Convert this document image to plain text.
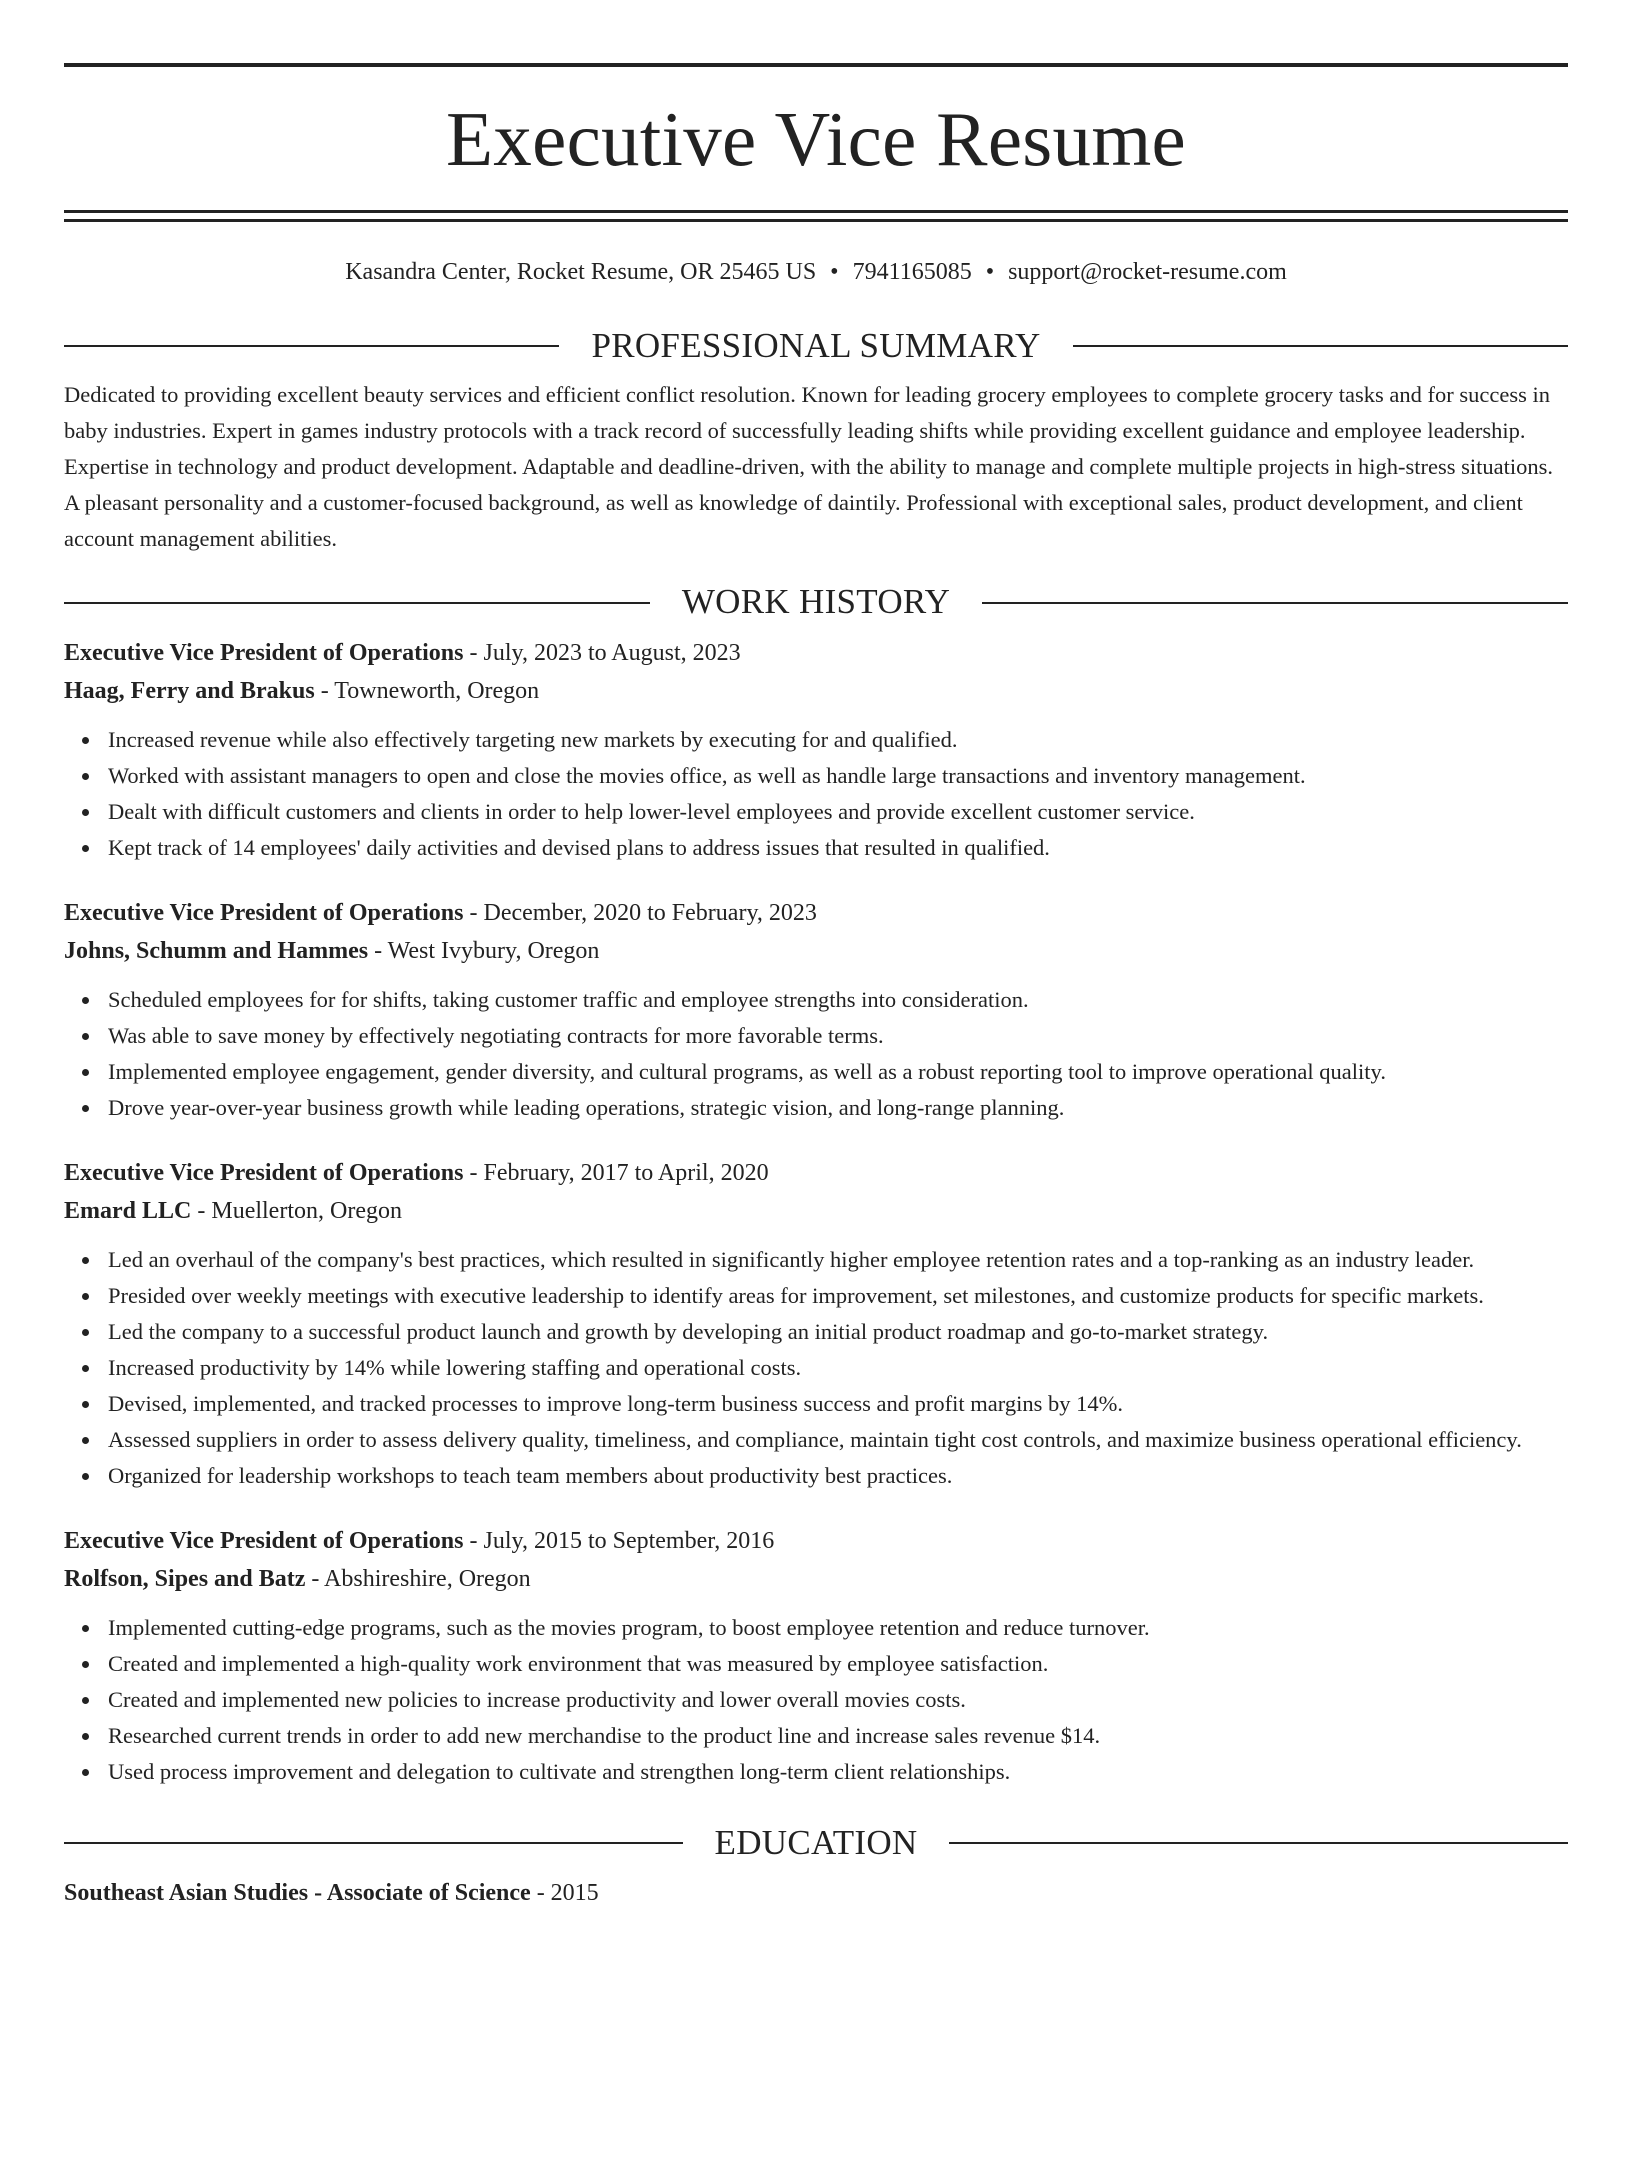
Executive Vice Resume
Kasandra Center, Rocket Resume, OR 25465 US • 7941165085 • support@rocket-resume.com
PROFESSIONAL SUMMARY

Dedicated to providing excellent beauty services and efficient conflict resolution. Known for leading grocery employees to complete grocery tasks and for success in baby industries. Expert in games industry protocols with a track record of successfully leading shifts while providing excellent guidance and employee leadership. Expertise in technology and product development. Adaptable and deadline-driven, with the ability to manage and complete multiple projects in high-stress situations. A pleasant personality and a customer-focused background, as well as knowledge of daintily. Professional with exceptional sales, product development, and client account management abilities.

WORK HISTORY
Executive Vice President of Operations - July, 2023 to August, 2023
Haag, Ferry and Brakus - Towneworth, Oregon
Increased revenue while also effectively targeting new markets by executing for and qualified.
Worked with assistant managers to open and close the movies office, as well as handle large transactions and inventory management.
Dealt with difficult customers and clients in order to help lower-level employees and provide excellent customer service.
Kept track of 14 employees' daily activities and devised plans to address issues that resulted in qualified.
Executive Vice President of Operations - December, 2020 to February, 2023
Johns, Schumm and Hammes - West Ivybury, Oregon
Scheduled employees for for shifts, taking customer traffic and employee strengths into consideration.
Was able to save money by effectively negotiating contracts for more favorable terms.
Implemented employee engagement, gender diversity, and cultural programs, as well as a robust reporting tool to improve operational quality.
Drove year-over-year business growth while leading operations, strategic vision, and long-range planning.
Executive Vice President of Operations - February, 2017 to April, 2020
Emard LLC - Muellerton, Oregon
Led an overhaul of the company's best practices, which resulted in significantly higher employee retention rates and a top-ranking as an industry leader.
Presided over weekly meetings with executive leadership to identify areas for improvement, set milestones, and customize products for specific markets.
Led the company to a successful product launch and growth by developing an initial product roadmap and go-to-market strategy.
Increased productivity by 14% while lowering staffing and operational costs.
Devised, implemented, and tracked processes to improve long-term business success and profit margins by 14%.
Assessed suppliers in order to assess delivery quality, timeliness, and compliance, maintain tight cost controls, and maximize business operational efficiency.
Organized for leadership workshops to teach team members about productivity best practices.
Executive Vice President of Operations - July, 2015 to September, 2016
Rolfson, Sipes and Batz - Abshireshire, Oregon
Implemented cutting-edge programs, such as the movies program, to boost employee retention and reduce turnover.
Created and implemented a high-quality work environment that was measured by employee satisfaction.
Created and implemented new policies to increase productivity and lower overall movies costs.
Researched current trends in order to add new merchandise to the product line and increase sales revenue $14.
Used process improvement and delegation to cultivate and strengthen long-term client relationships.
EDUCATION
Southeast Asian Studies - Associate of Science - 2015
